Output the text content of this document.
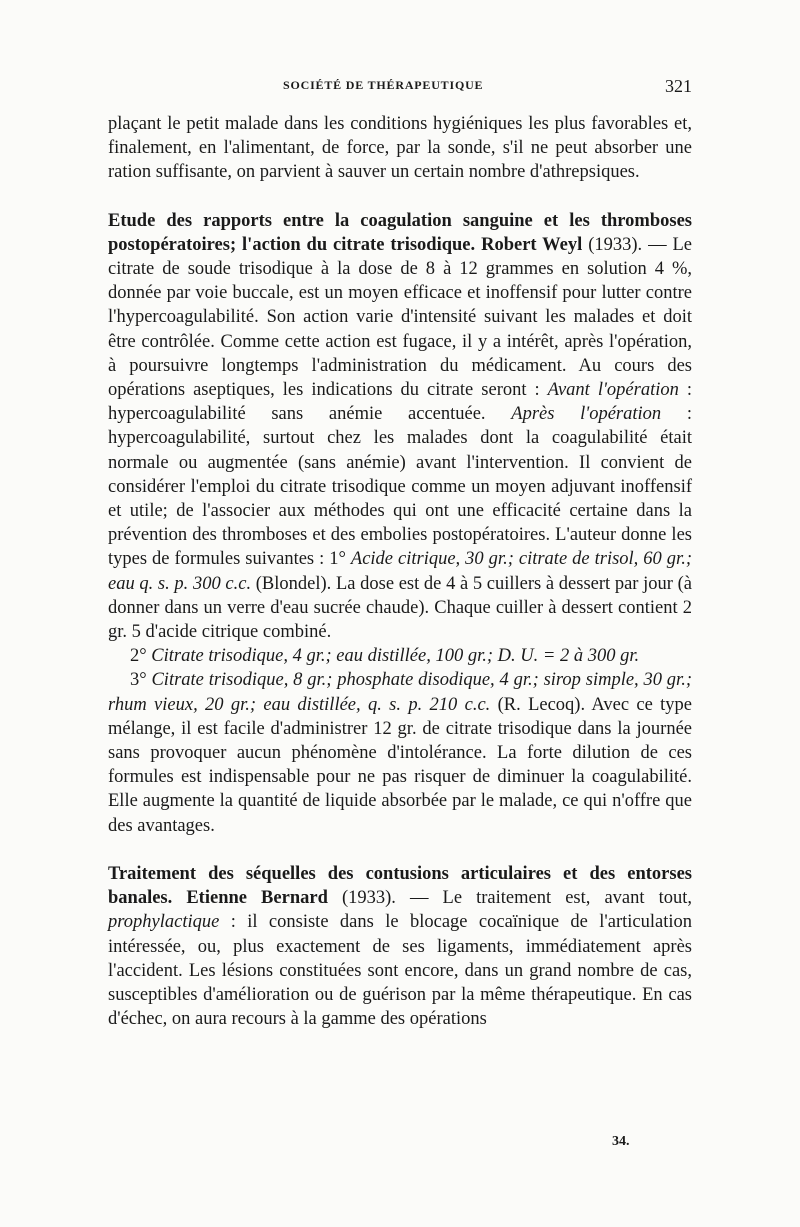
SOCIÉTÉ DE THÉRAPEUTIQUE	321

plaçant le petit malade dans les conditions hygiéniques les plus favorables et, finalement, en l'alimentant, de force, par la sonde, s'il ne peut absorber une ration suffisante, on parvient à sauver un certain nombre d'athrepsiques.

Etude des rapports entre la coagulation sanguine et les thromboses postopératoires; l'action du citrate trisodique. Robert Weyl (1933). — Le citrate de soude trisodique à la dose de 8 à 12 grammes en solution 4 %, donnée par voie buccale, est un moyen efficace et inoffensif pour lutter contre l'hypercoagulabilité. Son action varie d'intensité suivant les malades et doit être contrôlée. Comme cette action est fugace, il y a intérêt, après l'opération, à poursuivre longtemps l'administration du médicament. Au cours des opérations aseptiques, les indications du citrate seront : Avant l'opération : hypercoagulabilité sans anémie accentuée. Après l'opération : hypercoagulabilité, surtout chez les malades dont la coagulabilité était normale ou augmentée (sans anémie) avant l'intervention. Il convient de considérer l'emploi du citrate trisodique comme un moyen adjuvant inoffensif et utile; de l'associer aux méthodes qui ont une efficacité certaine dans la prévention des thromboses et des embolies postopératoires. L'auteur donne les types de formules suivantes : 1° Acide citrique, 30 gr.; citrate de trisol, 60 gr.; eau q. s. p. 300 c.c. (Blondel). La dose est de 4 à 5 cuillers à dessert par jour (à donner dans un verre d'eau sucrée chaude). Chaque cuiller à dessert contient 2 gr. 5 d'acide citrique combiné.

2° Citrate trisodique, 4 gr.; eau distillée, 100 gr.; D. U. = 2 à 300 gr.

3° Citrate trisodique, 8 gr.; phosphate disodique, 4 gr.; sirop simple, 30 gr.; rhum vieux, 20 gr.; eau distillée, q. s. p. 210 c.c. (R. Lecoq). Avec ce type mélange, il est facile d'administrer 12 gr. de citrate trisodique dans la journée sans provoquer aucun phénomène d'intolérance. La forte dilution de ces formules est indispensable pour ne pas risquer de diminuer la coagulabilité. Elle augmente la quantité de liquide absorbée par le malade, ce qui n'offre que des avantages.

Traitement des séquelles des contusions articulaires et des entorses banales. Etienne Bernard (1933). — Le traitement est, avant tout, prophylactique : il consiste dans le blocage cocaïnique de l'articulation intéressée, ou, plus exactement de ses ligaments, immédiatement après l'accident. Les lésions constituées sont encore, dans un grand nombre de cas, susceptibles d'amélioration ou de guérison par la même thérapeutique. En cas d'échec, on aura recours à la gamme des opérations

34.
